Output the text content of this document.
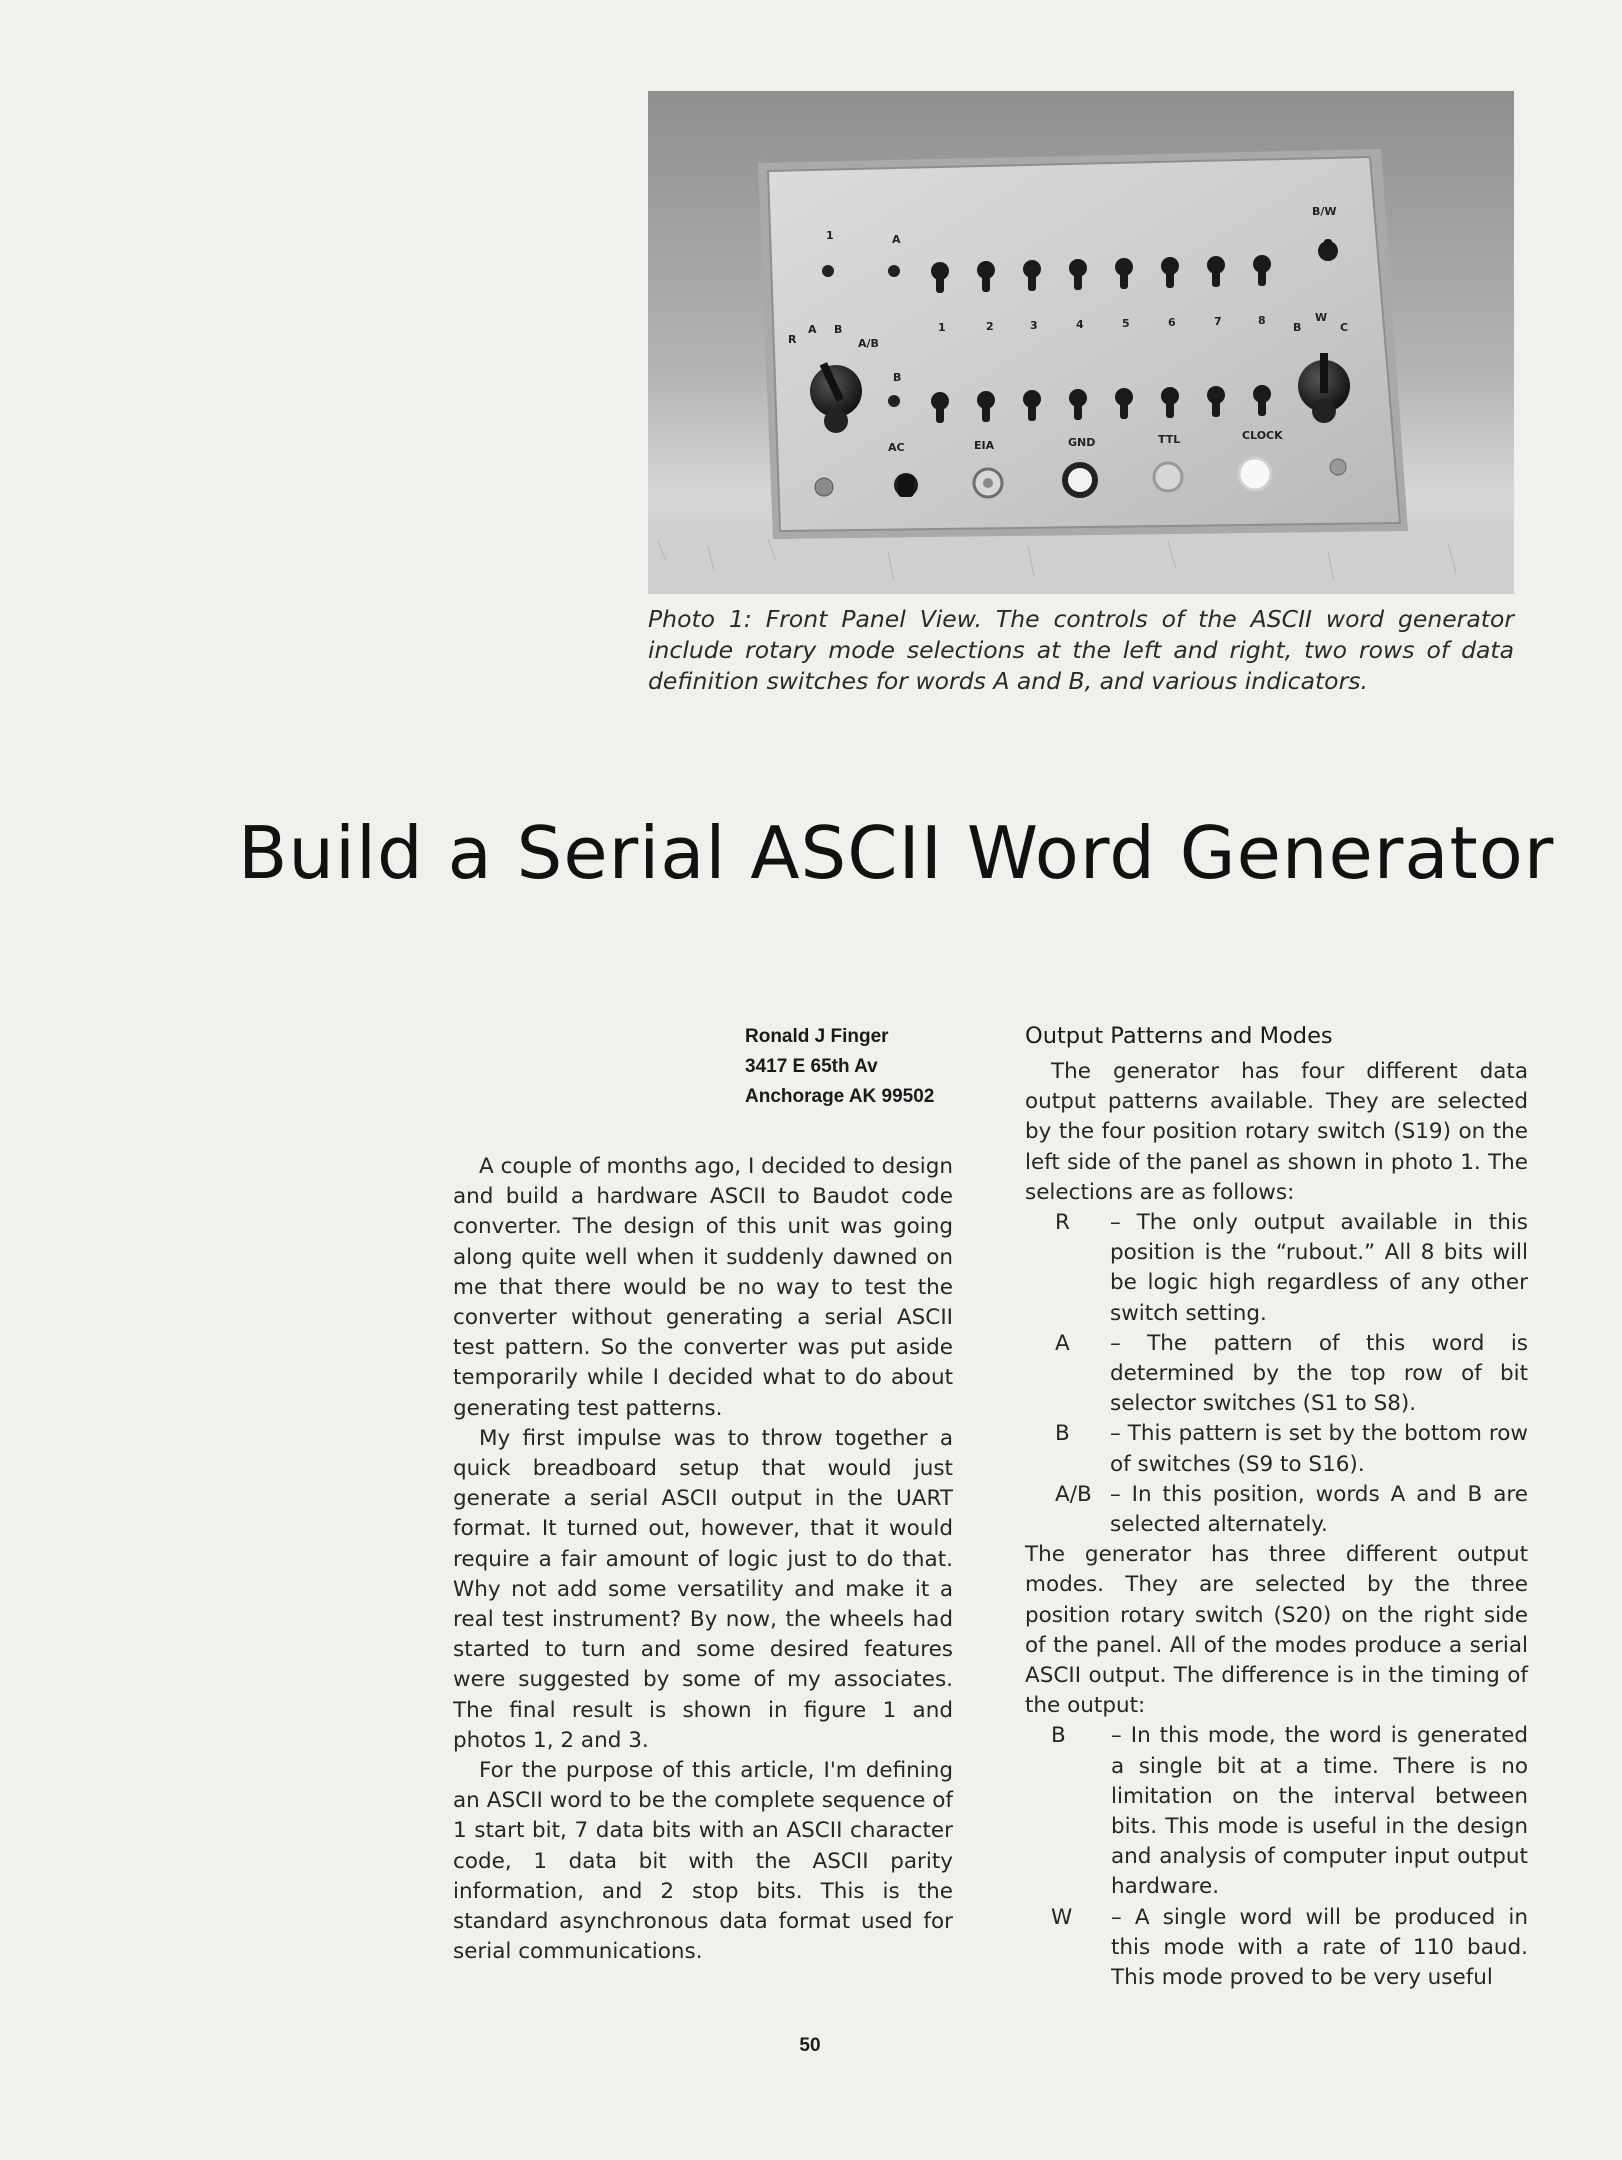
1	A
B
B/W
R
A B
A/B
B
W
C
1	2	3	4	5	6	7	8
AC	EIA	GND	TTL	CLOCK

Photo 1: Front Panel View. The controls of the ASCII word generator include rotary mode selections at the left and right, two rows of data definition switches for words A and B, and various indicators.

Build a Serial ASCII Word Generator
Ronald J Finger
3417 E 65th Av
Anchorage AK 99502

A couple of months ago, I decided to design and build a hardware ASCII to Baudot code converter. The design of this unit was going along quite well when it suddenly dawned on me that there would be no way to test the converter without generating a serial ASCII test pattern. So the converter was put aside temporarily while I decided what to do about generating test patterns.

My first impulse was to throw together a quick breadboard setup that would just generate a serial ASCII output in the UART format. It turned out, however, that it would require a fair amount of logic just to do that. Why not add some versatility and make it a real test instrument? By now, the wheels had started to turn and some desired features were suggested by some of my associates. The final result is shown in figure 1 and photos 1, 2 and 3.

For the purpose of this article, I'm defining an ASCII word to be the complete sequence of 1 start bit, 7 data bits with an ASCII character code, 1 data bit with the ASCII parity information, and 2 stop bits. This is the standard asynchronous data format used for serial communications.

Output Patterns and Modes

The generator has four different data output patterns available. They are selected by the four position rotary switch (S19) on the left side of the panel as shown in photo 1. The selections are as follows:

R	– The only output available in this position is the “rubout.” All 8 bits will be logic high regardless of any other switch setting.
A	– The pattern of this word is determined by the top row of bit selector switches (S1 to S8).
B	– This pattern is set by the bottom row of switches (S9 to S16).
A/B – In this position, words A and B are selected alternately.

The generator has three different output modes. They are selected by the three position rotary switch (S20) on the right side of the panel. All of the modes produce a serial ASCII output. The difference is in the timing of the output:

B	– In this mode, the word is generated a single bit at a time. There is no limitation on the interval between bits. This mode is useful in the design and analysis of computer input output hardware.
W	– A single word will be produced in this mode with a rate of 110 baud. This mode proved to be very useful
50
